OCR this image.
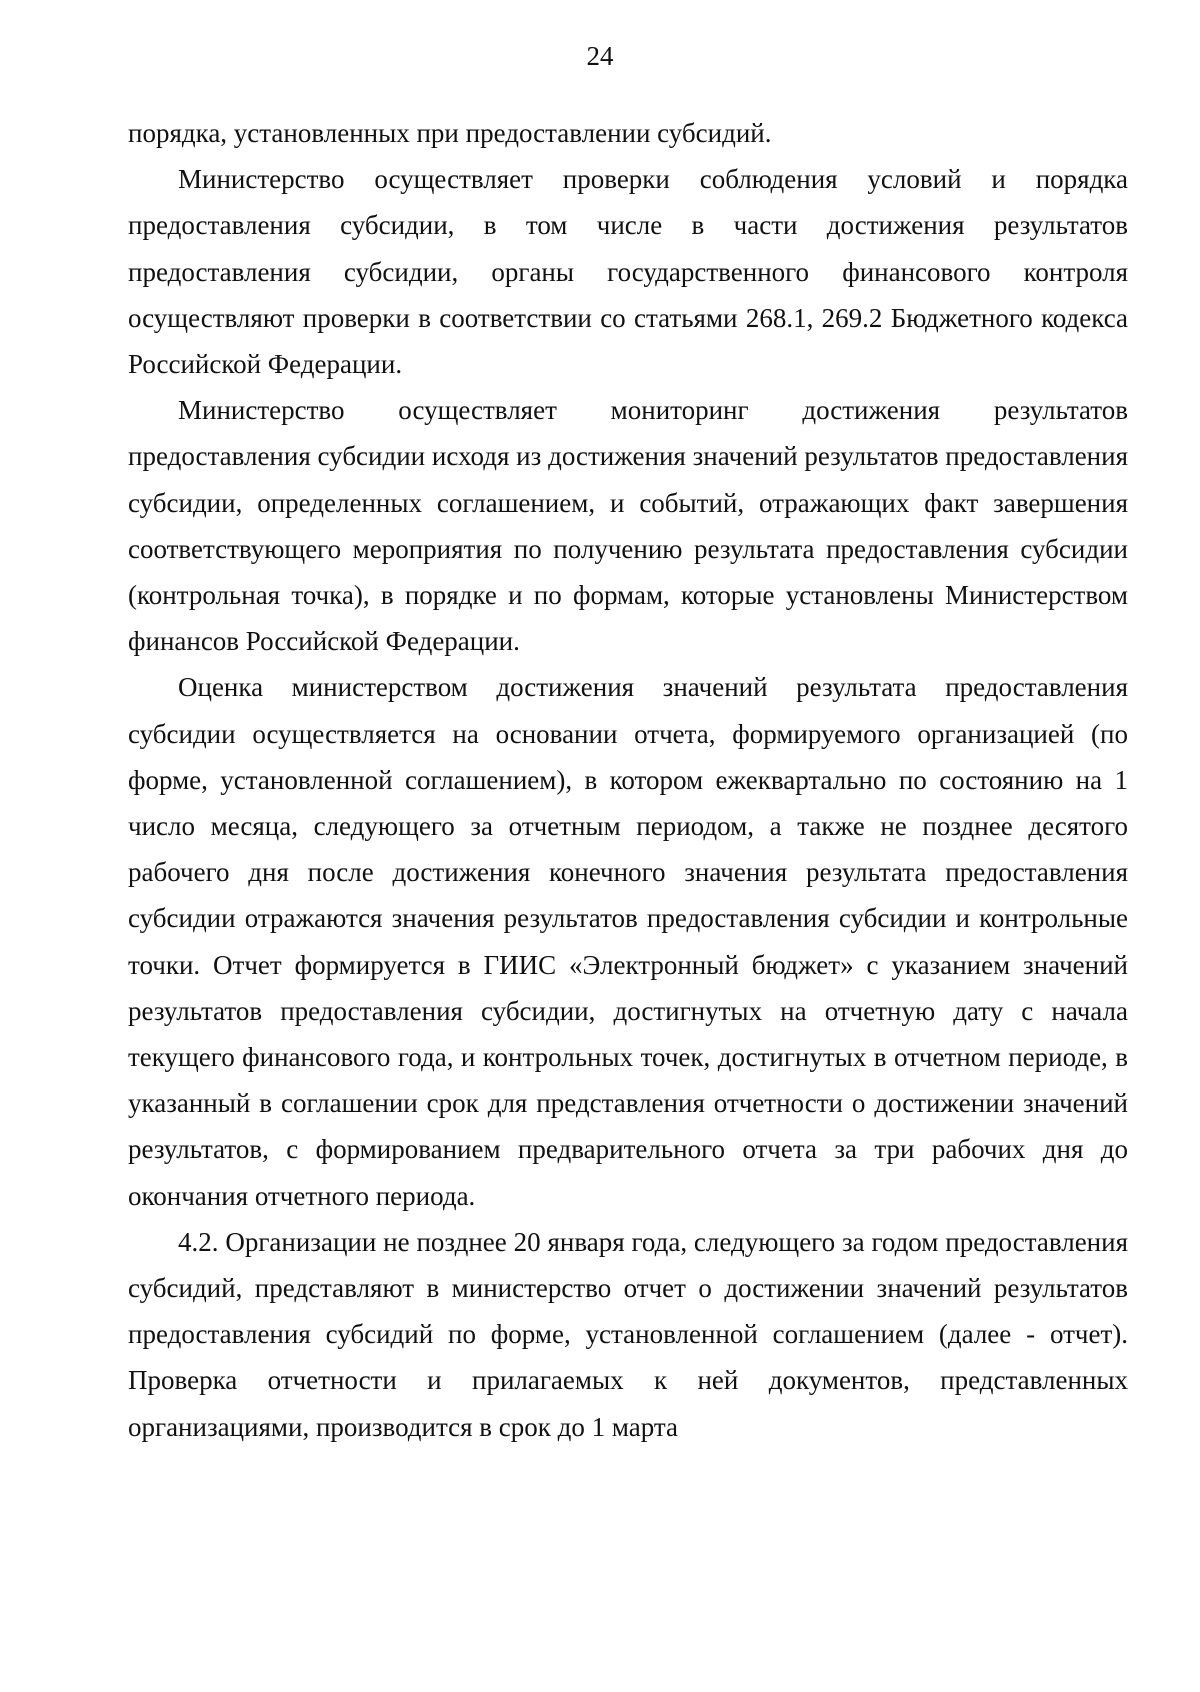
24

порядка, установленных при предоставлении субсидий.

Министерство осуществляет проверки соблюдения условий и порядка предоставления субсидии, в том числе в части достижения результатов предоставления субсидии, органы государственного финансового контроля осуществляют проверки в соответствии со статьями 268.1, 269.2 Бюджетного кодекса Российской Федерации.

Министерство осуществляет мониторинг достижения результатов предоставления субсидии исходя из достижения значений результатов предоставления субсидии, определенных соглашением, и событий, отражающих факт завершения соответствующего мероприятия по получению результата предоставления субсидии (контрольная точка), в порядке и по формам, которые установлены Министерством финансов Российской Федерации.

Оценка министерством достижения значений результата предоставления субсидии осуществляется на основании отчета, формируемого организацией (по форме, установленной соглашением), в котором ежеквартально по состоянию на 1 число месяца, следующего за отчетным периодом, а также не позднее десятого рабочего дня после достижения конечного значения результата предоставления субсидии отражаются значения результатов предоставления субсидии и контрольные точки. Отчет формируется в ГИИС «Электронный бюджет» с указанием значений результатов предоставления субсидии, достигнутых на отчетную дату с начала текущего финансового года, и контрольных точек, достигнутых в отчетном периоде, в указанный в соглашении срок для представления отчетности о достижении значений результатов, с формированием предварительного отчета за три рабочих дня до окончания отчетного периода.

4.2. Организации не позднее 20 января года, следующего за годом предоставления субсидий, представляют в министерство отчет о достижении значений результатов предоставления субсидий по форме, установленной соглашением (далее - отчет). Проверка отчетности и прилагаемых к ней документов, представленных организациями, производится в срок до 1 марта
